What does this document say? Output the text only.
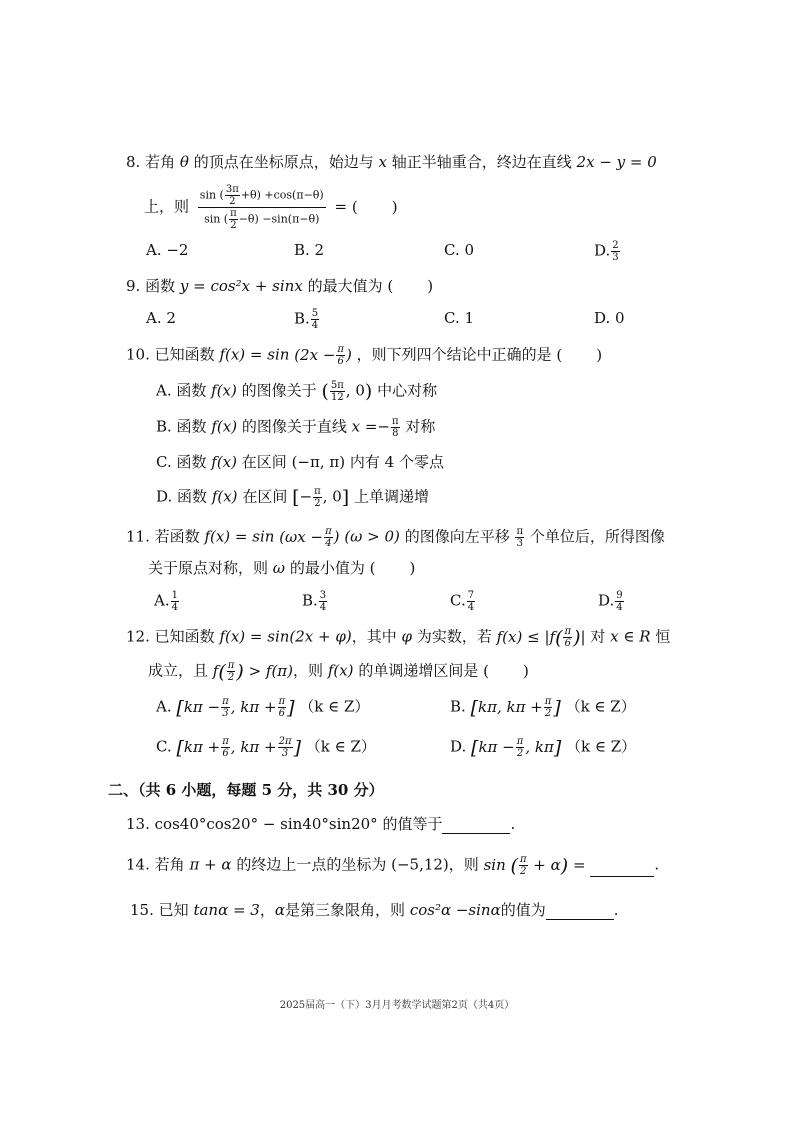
8. 若角 θ 的顶点在坐标原点，始边与 x 轴正半轴重合，终边在直线 2x − y = 0
上，则 $\frac{\sin ( \frac{3\pi}{2} +\theta) +\cos(\pi-\theta)}{\sin ( \frac{\pi}{2} -\theta) -\sin(\pi-\theta)}$ = ( )
A. −2	B. 2	C. 0	D. $\frac{2}{3}$
9. 函数 y = cos²x + sinx 的最大值为 ( )
A. 2	B. $\frac{5}{4}$	C. 1	D. 0
10. 已知函数 $f(x) = \sin (2x - \frac{\pi}{6}$ ) ，则下列四个结论中正确的是 ( )
A. 函数 f(x) 的图像关于 ( $\frac{5\pi}{12}$ , 0) 中心对称
B. 函数 f(x) 的图像关于直线 $x =- \frac{\pi}{8}$ 对称
C. 函数 f(x) 在区间 (−π, π) 内有 4 个零点
D. 函数 f(x) 在区间 [− $\frac{\pi}{2}$ , 0] 上单调递增
11. 若函数 $f(x) = \sin (\omega x - \frac{\pi}{4}$ ) (ω > 0) 的图像向左平移 $\frac{\pi}{3}$ 个单位后，所得图像
关于原点对称，则 ω 的最小值为 ( )
A. $\frac{1}{4}$	B. $\frac{3}{4}$	C. $\frac{7}{4}$	D. $\frac{9}{4}$
12. 已知函数 f(x) = sin(2x + φ)，其中 φ 为实数，若 $f(x) \le |f( \frac{\pi}{6}$ )| 对 x ∈ R 恒
成立，且 $f( \frac{\pi}{2}$ ) > f(π)，则 f(x) 的单调递增区间是 ( )
A. [$k\pi - \frac{\pi}{3}$ , $k\pi + \frac{\pi}{6}$ ] （k ∈ Z）	B. [kπ, $k\pi + \frac{\pi}{2}$ ] （k ∈ Z）
C. [$k\pi + \frac{\pi}{6}$ , $k\pi + \frac{2\pi}{3}$ ] （k ∈ Z）	D. [$k\pi - \frac{\pi}{2}$ , kπ] （k ∈ Z）
二、（共 6 小题，每题 5 分，共 30 分）
13. cos40°cos20° − sin40°sin20° 的值等于	.
14. 若角 π + α 的终边上一点的坐标为 (−5,12)，则 sin ( $\frac{\pi}{2} + \alpha$) =	.
15. 已知 tanα = 3，α是第三象限角，则 cos²α −sinα的值为	.
2025届高一（下）3月月考数学试题第2页（共4页）
